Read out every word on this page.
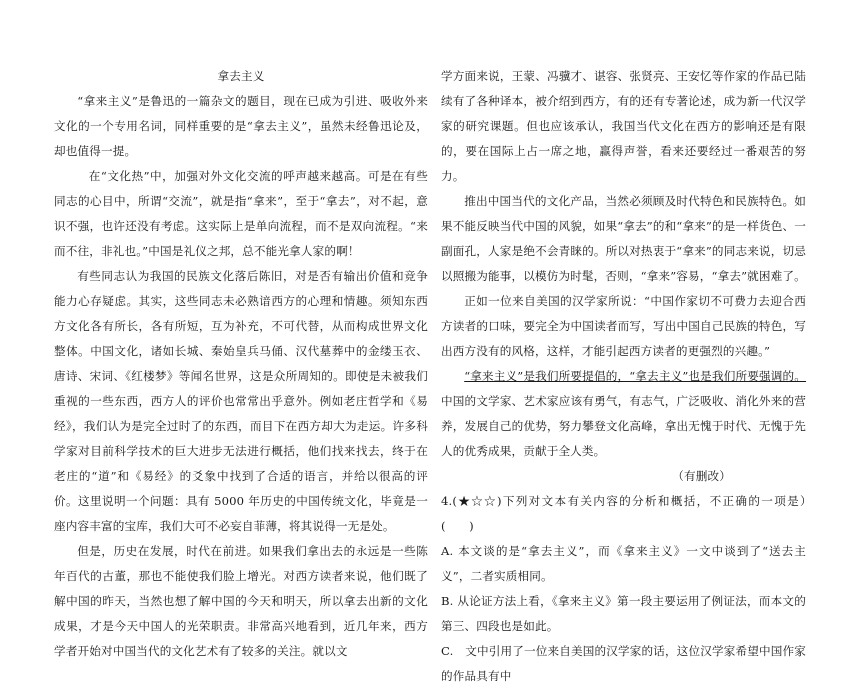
拿去主义

“拿来主义”是鲁迅的一篇杂文的题目，现在已成为引进、吸收外来文化的一个专用名词，同样重要的是“拿去主义”，虽然未经鲁迅论及，却也值得一提。

在“文化热”中，加强对外文化交流的呼声越来越高。可是在有些同志的心目中，所谓“交流”，就是指“拿来”，至于“拿去”，对不起，意识不强，也许还没有考虑。这实际上是单向流程，而不是双向流程。“来而不往，非礼也。”中国是礼仪之邦，总不能光拿人家的啊！

有些同志认为我国的民族文化落后陈旧，对是否有输出价值和竞争能力心存疑虑。其实，这些同志未必熟谙西方的心理和情趣。须知东西方文化各有所长，各有所短，互为补充，不可代替，从而构成世界文化整体。中国文化，诸如长城、秦始皇兵马俑、汉代墓葬中的金缕玉衣、唐诗、宋词、《红楼梦》等闻名世界，这是众所周知的。即使是未被我们重视的一些东西，西方人的评价也常常出乎意外。例如老庄哲学和《易经》，我们认为是完全过时了的东西，而目下在西方却大为走运。许多科学家对目前科学技术的巨大进步无法进行概括，他们找来找去，终于在老庄的“道”和《易经》的爻象中找到了合适的语言，并给以很高的评价。这里说明一个问题：具有 5000 年历史的中国传统文化，毕竟是一座内容丰富的宝库，我们大可不必妄自菲薄，将其说得一无是处。

但是，历史在发展，时代在前进。如果我们拿出去的永远是一些陈年百代的古董，那也不能使我们脸上增光。对西方读者来说，他们既了解中国的昨天，当然也想了解中国的今天和明天，所以拿去出新的文化成果，才是今天中国人的光荣职责。非常高兴地看到，近几年来，西方学者开始对中国当代的文化艺术有了较多的关注。就以文

学方面来说，王蒙、冯骥才、谌容、张贤亮、王安忆等作家的作品已陆续有了各种译本，被介绍到西方，有的还有专著论述，成为新一代汉学家的研究课题。但也应该承认，我国当代文化在西方的影响还是有限的，要在国际上占一席之地，赢得声誉，看来还要经过一番艰苦的努力。

推出中国当代的文化产品，当然必须顾及时代特色和民族特色。如果不能反映当代中国的风貌，如果“拿去”的和“拿来”的是一样货色、一副面孔，人家是绝不会青睐的。所以对热衷于“拿来”的同志来说，切忌以照搬为能事，以模仿为时髦，否则，“拿来”容易，“拿去”就困难了。

正如一位来自美国的汉学家所说：“中国作家切不可费力去迎合西方读者的口味，要完全为中国读者而写，写出中国自己民族的特色，写出西方没有的风格，这样，才能引起西方读者的更强烈的兴趣。”

“拿来主义”是我们所要提倡的，“拿去主义”也是我们所要强调的。中国的文学家、艺术家应该有勇气，有志气，广泛吸收、消化外来的营养，发展自己的优势，努力攀登文化高峰，拿出无愧于时代、无愧于先人的优秀成果，贡献于全人类。

（有删改）

4.(★☆☆)下列对文本有关内容的分析和概括，不正确的一项是）　　(　　)

A. 本文谈的是“拿去主义”，而《拿来主义》一文中谈到了“送去主义”，二者实质相同。

B. 从论证方法上看，《拿来主义》第一段主要运用了例证法，而本文的第三、四段也是如此。

C.　文中引用了一位来自美国的汉学家的话，这位汉学家希望中国作家的作品具有中
